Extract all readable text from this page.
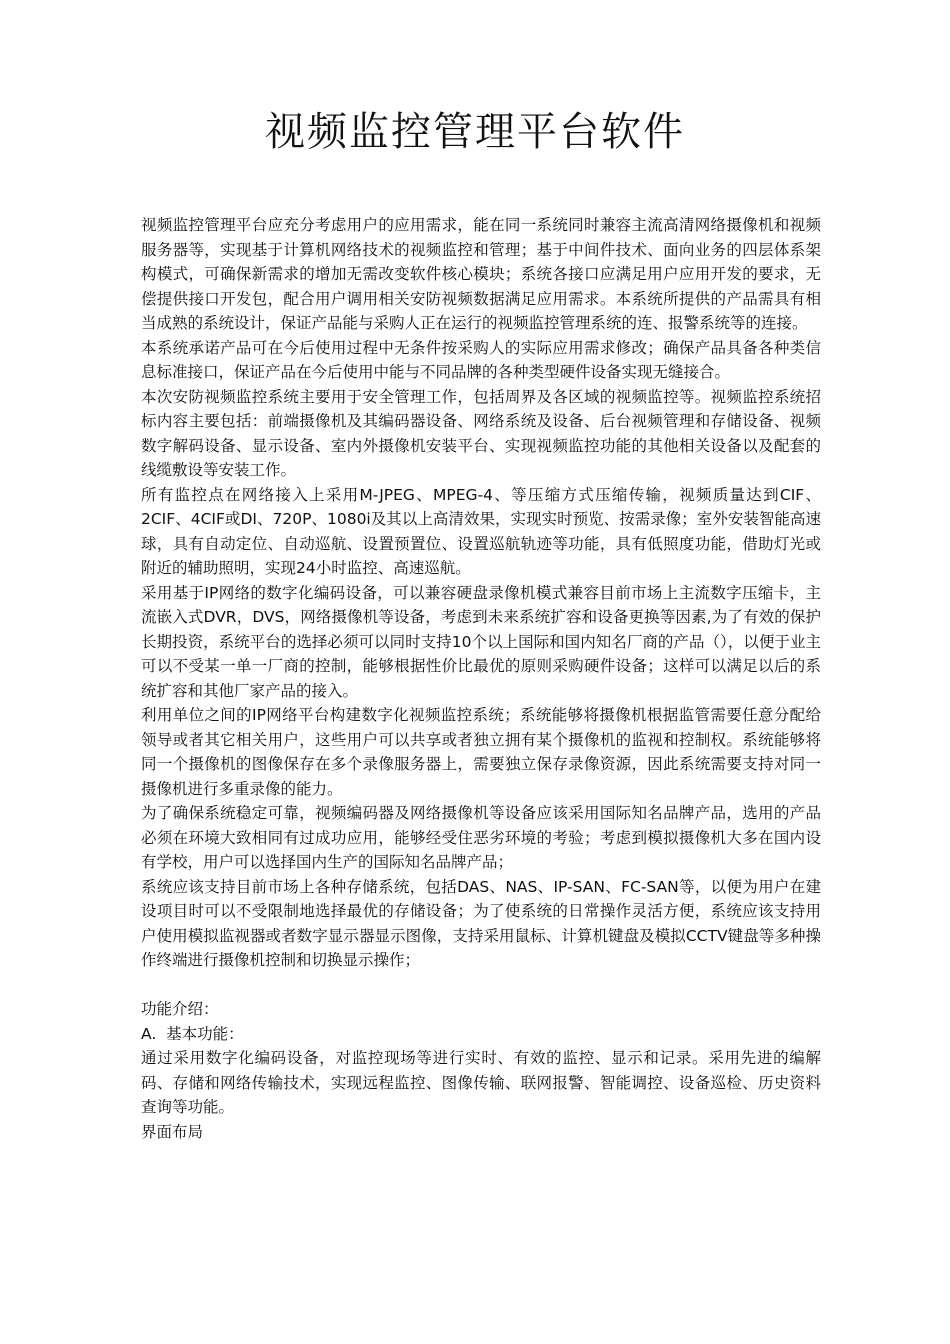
视频监控管理平台软件

视频监控管理平台应充分考虑用户的应用需求，能在同一系统同时兼容主流高清网络摄像机和视频服务器等，实现基于计算机网络技术的视频监控和管理；基于中间件技术、面向业务的四层体系架构模式，可确保新需求的增加无需改变软件核心模块；系统各接口应满足用户应用开发的要求，无偿提供接口开发包，配合用户调用相关安防视频数据满足应用需求。本系统所提供的产品需具有相当成熟的系统设计，保证产品能与采购人正在运行的视频监控管理系统的连、报警系统等的连接。

本系统承诺产品可在今后使用过程中无条件按采购人的实际应用需求修改；确保产品具备各种类信息标准接口，保证产品在今后使用中能与不同品牌的各种类型硬件设备实现无缝接合。

本次安防视频监控系统主要用于安全管理工作，包括周界及各区域的视频监控等。视频监控系统招标内容主要包括：前端摄像机及其编码器设备、网络系统及设备、后台视频管理和存储设备、视频数字解码设备、显示设备、室内外摄像机安装平台、实现视频监控功能的其他相关设备以及配套的线缆敷设等安装工作。

所有监控点在网络接入上采用M-JPEG、MPEG-4、等压缩方式压缩传输，视频质量达到CIF、2CIF、4CIF或DI、720P、1080i及其以上高清效果，实现实时预览、按需录像；室外安装智能高速球，具有自动定位、自动巡航、设置预置位、设置巡航轨迹等功能，具有低照度功能，借助灯光或附近的辅助照明，实现24小时监控、高速巡航。

采用基于IP网络的数字化编码设备，可以兼容硬盘录像机模式兼容目前市场上主流数字压缩卡，主流嵌入式DVR，DVS，网络摄像机等设备，考虑到未来系统扩容和设备更换等因素,为了有效的保护长期投资，系统平台的选择必须可以同时支持10个以上国际和国内知名厂商的产品（），以便于业主可以不受某一单一厂商的控制，能够根据性价比最优的原则采购硬件设备；这样可以满足以后的系统扩容和其他厂家产品的接入。

利用单位之间的IP网络平台构建数字化视频监控系统；系统能够将摄像机根据监管需要任意分配给领导或者其它相关用户，这些用户可以共享或者独立拥有某个摄像机的监视和控制权。系统能够将同一个摄像机的图像保存在多个录像服务器上，需要独立保存录像资源，因此系统需要支持对同一摄像机进行多重录像的能力。

为了确保系统稳定可靠，视频编码器及网络摄像机等设备应该采用国际知名品牌产品，选用的产品必须在环境大致相同有过成功应用，能够经受住恶劣环境的考验；考虑到模拟摄像机大多在国内设有学校，用户可以选择国内生产的国际知名品牌产品；

系统应该支持目前市场上各种存储系统，包括DAS、NAS、IP-SAN、FC-SAN等，以便为用户在建设项目时可以不受限制地选择最优的存储设备；为了使系统的日常操作灵活方便，系统应该支持用户使用模拟监视器或者数字显示器显示图像，支持采用鼠标、计算机键盘及模拟CCTV键盘等多种操作终端进行摄像机控制和切换显示操作；

功能介绍：

A.  基本功能：

通过采用数字化编码设备，对监控现场等进行实时、有效的监控、显示和记录。采用先进的编解码、存储和网络传输技术，实现远程监控、图像传输、联网报警、智能调控、设备巡检、历史资料查询等功能。

界面布局
